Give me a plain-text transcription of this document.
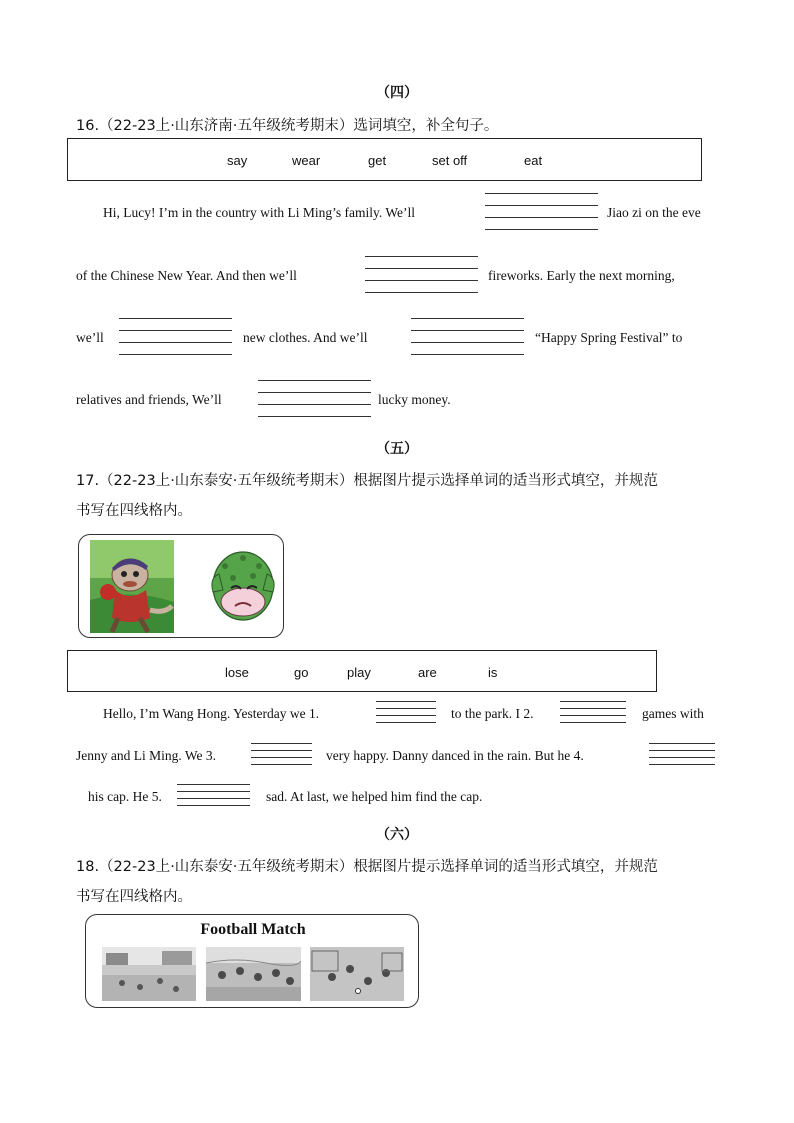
（四）
16.（22-23上·山东济南·五年级统考期末）选词填空，补全句子。
say	wear	get	set off	eat
Hi, Lucy! I’m in the country with Li Ming’s family. We’ll	Jiao zi on the eve
of the Chinese New Year. And then we’ll	fireworks. Early the next morning,
we’ll	new clothes. And we’ll	“Happy Spring Festival” to
relatives and friends, We’ll	lucky money.
（五）
17.（22-23上·山东泰安·五年级统考期末）根据图片提示选择单词的适当形式填空，并规范
书写在四线格内。
lose	go	play	are	is
Hello, I’m Wang Hong. Yesterday we 1.	to the park. I 2.	games with
Jenny and Li Ming. We 3.	very happy. Danny danced in the rain. But he 4.
his cap. He 5.	sad. At last, we helped him find the cap.
（六）
18.（22-23上·山东泰安·五年级统考期末）根据图片提示选择单词的适当形式填空，并规范
书写在四线格内。
Football Match
